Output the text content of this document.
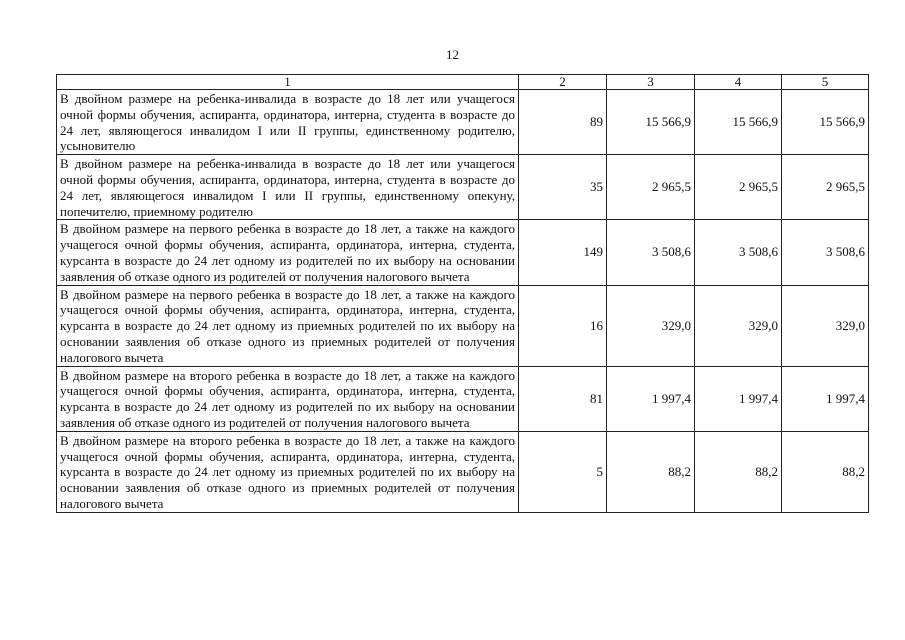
12
1	2	3	4	5
В двойном размере на ребенка-инвалида в возрасте до 18 лет или учащегося очной формы обучения, аспиранта, ординатора, интерна, студента в возрасте до 24 лет, являющегося инвалидом I или II группы, единственному родителю, усыновителю	89	15 566,9	15 566,9	15 566,9
В двойном размере на ребенка-инвалида в возрасте до 18 лет или учащегося очной формы обучения, аспиранта, ординатора, интерна, студента в возрасте до 24 лет, являющегося инвалидом I или II группы, единственному опекуну, попечителю, приемному родителю	35	2 965,5	2 965,5	2 965,5
В двойном размере на первого ребенка в возрасте до 18 лет, а также на каждого учащегося очной формы обучения, аспиранта, ординатора, интерна, студента, курсанта в возрасте до 24 лет одному из родителей по их выбору на основании заявления об отказе одного из родителей от получения налогового вычета	149	3 508,6	3 508,6	3 508,6
В двойном размере на первого ребенка в возрасте до 18 лет, а также на каждого учащегося очной формы обучения, аспиранта, ординатора, интерна, студента, курсанта в возрасте до 24 лет одному из приемных родителей по их выбору на основании заявления об отказе одного из приемных родителей от получения налогового вычета	16	329,0	329,0	329,0
В двойном размере на второго ребенка в возрасте до 18 лет, а также на каждого учащегося очной формы обучения, аспиранта, ординатора, интерна, студента, курсанта в возрасте до 24 лет одному из родителей по их выбору на основании заявления об отказе одного из родителей от получения налогового вычета	81	1 997,4	1 997,4	1 997,4
В двойном размере на второго ребенка в возрасте до 18 лет, а также на каждого учащегося очной формы обучения, аспиранта, ординатора, интерна, студента, курсанта в возрасте до 24 лет одному из приемных родителей по их выбору на основании заявления об отказе одного из приемных родителей от получения налогового вычета	5	88,2	88,2	88,2
